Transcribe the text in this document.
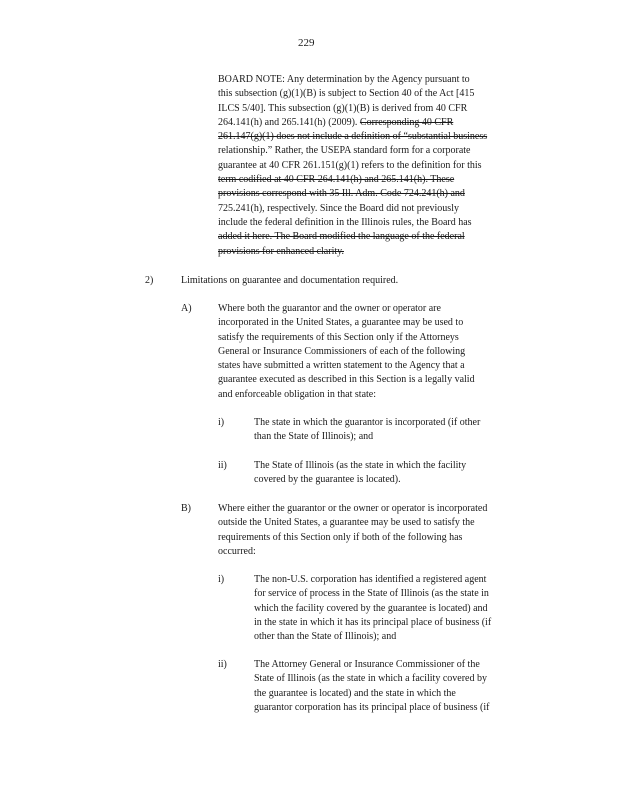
229
BOARD NOTE: Any determination by the Agency pursuant to
this subsection (g)(1)(B) is subject to Section 40 of the Act [415
ILCS 5/40]. This subsection (g)(1)(B) is derived from 40 CFR
264.141(h) and 265.141(h) (2009). Corresponding 40 CFR
261.147(g)(1) does not include a definition of “substantial business
relationship.” Rather, the USEPA standard form for a corporate
guarantee at 40 CFR 261.151(g)(1) refers to the definition for this
term codified at 40 CFR 264.141(h) and 265.141(h). These
provisions correspond with 35 Ill. Adm. Code 724.241(h) and
725.241(h), respectively. Since the Board did not previously
include the federal definition in the Illinois rules, the Board has
added it here. The Board modified the language of the federal
provisions for enhanced clarity.
2)	Limitations on guarantee and documentation required.
A)	Where both the guarantor and the owner or operator are
incorporated in the United States, a guarantee may be used to
satisfy the requirements of this Section only if the Attorneys
General or Insurance Commissioners of each of the following
states have submitted a written statement to the Agency that a
guarantee executed as described in this Section is a legally valid
and enforceable obligation in that state:
i)	The state in which the guarantor is incorporated (if other
than the State of Illinois); and
ii)	The State of Illinois (as the state in which the facility
covered by the guarantee is located).
B)	Where either the guarantor or the owner or operator is incorporated
outside the United States, a guarantee may be used to satisfy the
requirements of this Section only if both of the following has
occurred:
i)	The non-U.S. corporation has identified a registered agent
for service of process in the State of Illinois (as the state in
which the facility covered by the guarantee is located) and
in the state in which it has its principal place of business (if
other than the State of Illinois); and
ii)	The Attorney General or Insurance Commissioner of the
State of Illinois (as the state in which a facility covered by
the guarantee is located) and the state in which the
guarantor corporation has its principal place of business (if
